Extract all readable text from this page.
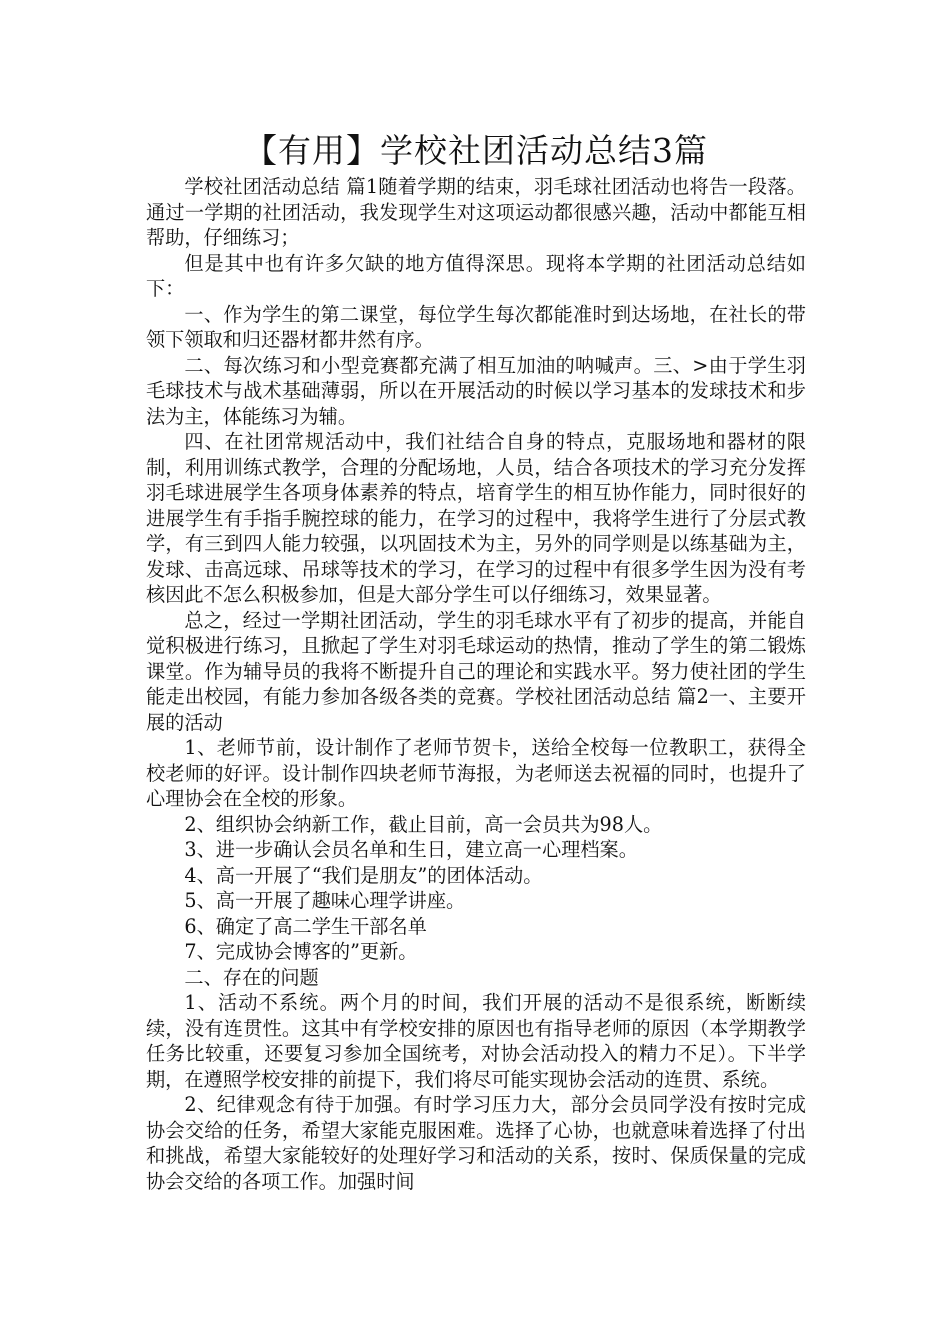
【有用】学校社团活动总结3篇

学校社团活动总结 篇1随着学期的结束，羽毛球社团活动也将告一段落。通过一学期的社团活动，我发现学生对这项运动都很感兴趣，活动中都能互相帮助，仔细练习；

但是其中也有许多欠缺的地方值得深思。现将本学期的社团活动总结如下：

一、作为学生的第二课堂，每位学生每次都能准时到达场地，在社长的带领下领取和归还器材都井然有序。

二、每次练习和小型竞赛都充满了相互加油的呐喊声。三、>由于学生羽毛球技术与战术基础薄弱，所以在开展活动的时候以学习基本的发球技术和步法为主，体能练习为辅。

四、在社团常规活动中，我们社结合自身的特点，克服场地和器材的限制，利用训练式教学，合理的分配场地，人员，结合各项技术的学习充分发挥羽毛球进展学生各项身体素养的特点，培育学生的相互协作能力，同时很好的进展学生有手指手腕控球的能力，在学习的过程中，我将学生进行了分层式教学，有三到四人能力较强，以巩固技术为主，另外的同学则是以练基础为主，发球、击高远球、吊球等技术的学习，在学习的过程中有很多学生因为没有考核因此不怎么积极参加，但是大部分学生可以仔细练习，效果显著。

总之，经过一学期社团活动，学生的羽毛球水平有了初步的提高，并能自觉积极进行练习，且掀起了学生对羽毛球运动的热情，推动了学生的第二锻炼课堂。作为辅导员的我将不断提升自己的理论和实践水平。努力使社团的学生能走出校园，有能力参加各级各类的竞赛。学校社团活动总结 篇2一、主要开展的活动

1、老师节前，设计制作了老师节贺卡，送给全校每一位教职工，获得全校老师的好评。设计制作四块老师节海报，为老师送去祝福的同时，也提升了心理协会在全校的形象。

2、组织协会纳新工作，截止目前，高一会员共为98人。

3、进一步确认会员名单和生日，建立高一心理档案。

4、高一开展了“我们是朋友”的团体活动。

5、高一开展了趣味心理学讲座。

6、确定了高二学生干部名单

7、完成协会博客的”更新。

二、存在的问题

1、活动不系统。两个月的时间，我们开展的活动不是很系统，断断续续，没有连贯性。这其中有学校安排的原因也有指导老师的原因（本学期教学任务比较重，还要复习参加全国统考，对协会活动投入的精力不足）。下半学期，在遵照学校安排的前提下，我们将尽可能实现协会活动的连贯、系统。

2、纪律观念有待于加强。有时学习压力大，部分会员同学没有按时完成协会交给的任务，希望大家能克服困难。选择了心协，也就意味着选择了付出和挑战，希望大家能较好的处理好学习和活动的关系，按时、保质保量的完成协会交给的各项工作。加强时间
